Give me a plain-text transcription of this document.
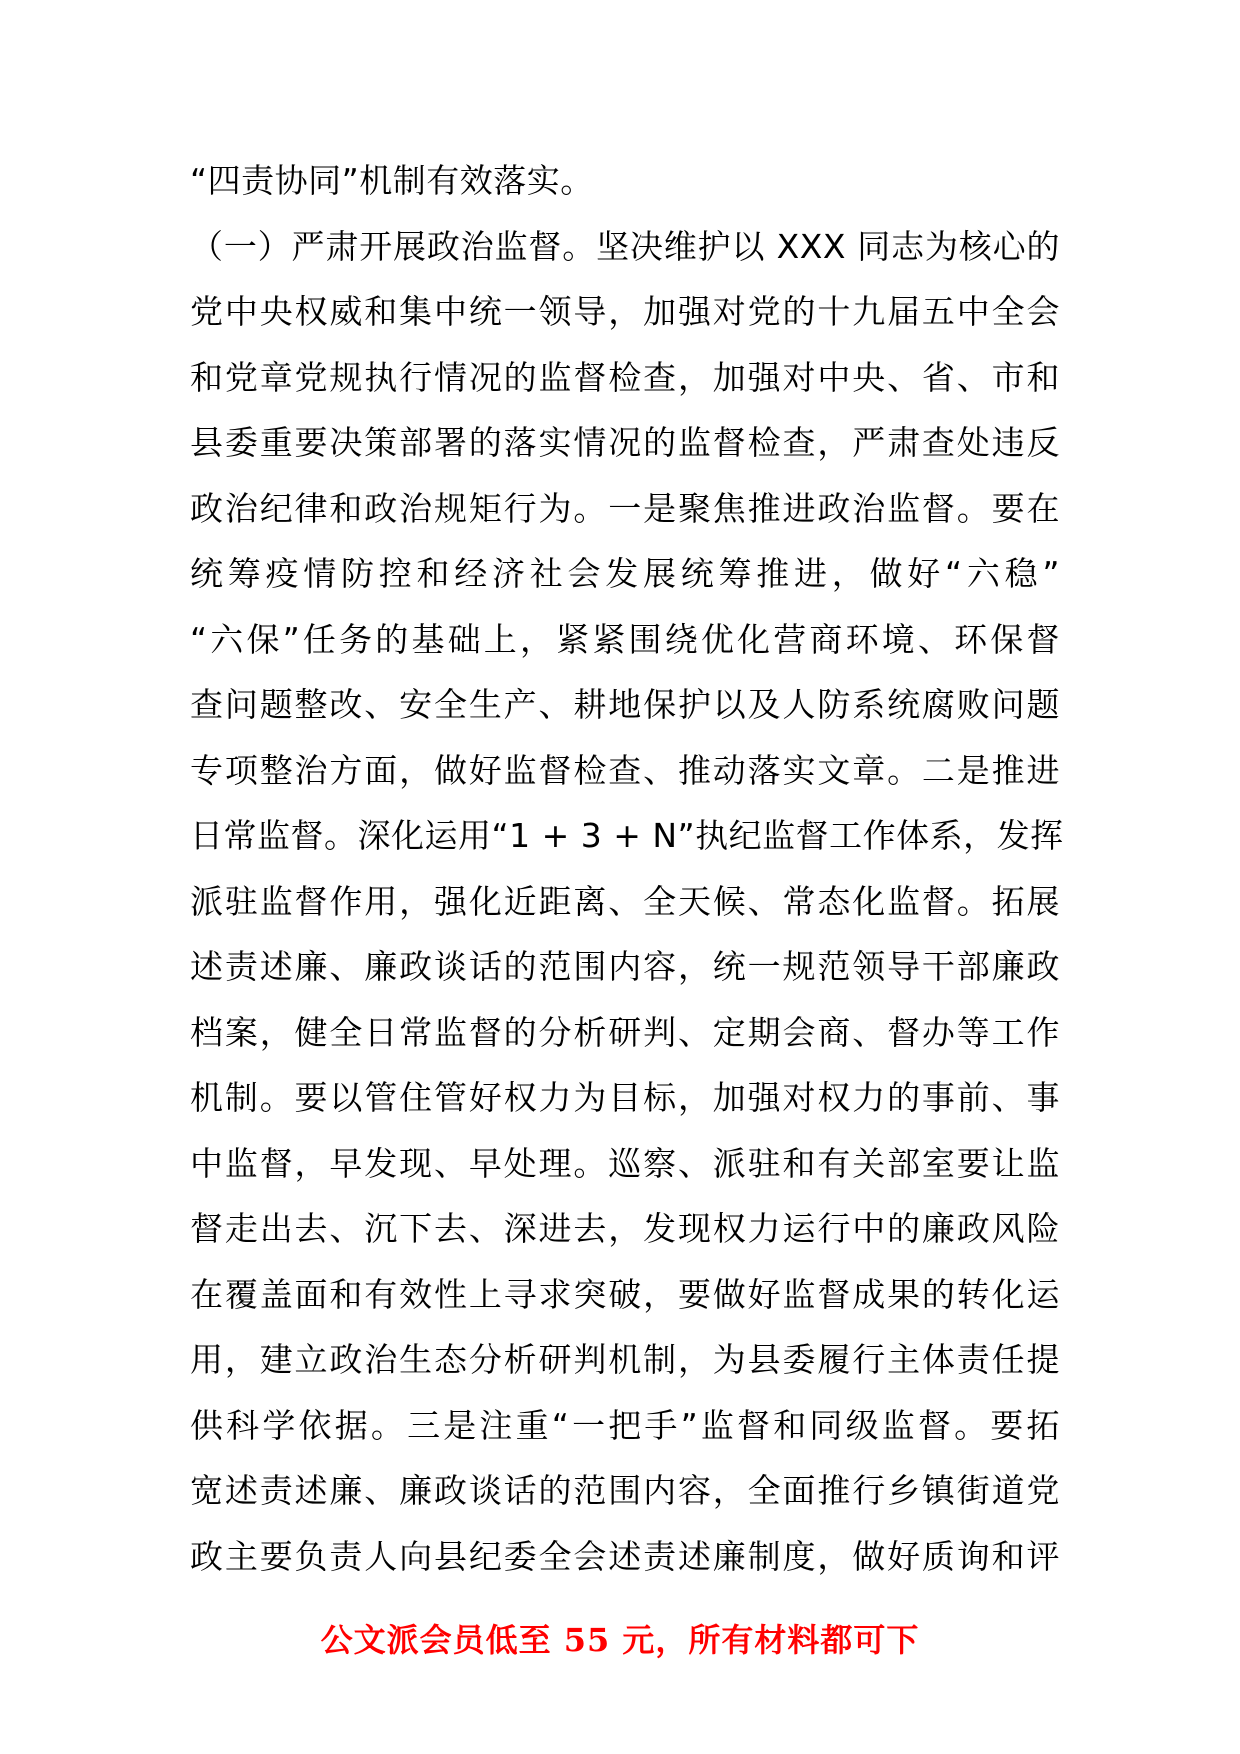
“四责协同”机制有效落实。
（一）严肃开展政治监督。坚决维护以 XXX 同志为核心的
党中央权威和集中统一领导，加强对党的十九届五中全会
和党章党规执行情况的监督检查，加强对中央、省、市和
县委重要决策部署的落实情况的监督检查，严肃查处违反
政治纪律和政治规矩行为。一是聚焦推进政治监督。要在
统筹疫情防控和经济社会发展统筹推进，做好“六稳”
“六保”任务的基础上，紧紧围绕优化营商环境、环保督
查问题整改、安全生产、耕地保护以及人防系统腐败问题
专项整治方面，做好监督检查、推动落实文章。二是推进
日常监督。深化运用“1 + 3 + N”执纪监督工作体系，发挥
派驻监督作用，强化近距离、全天候、常态化监督。拓展
述责述廉、廉政谈话的范围内容，统一规范领导干部廉政
档案，健全日常监督的分析研判、定期会商、督办等工作
机制。要以管住管好权力为目标，加强对权力的事前、事
中监督，早发现、早处理。巡察、派驻和有关部室要让监
督走出去、沉下去、深进去，发现权力运行中的廉政风险
在覆盖面和有效性上寻求突破，要做好监督成果的转化运
用，建立政治生态分析研判机制，为县委履行主体责任提
供科学依据。三是注重“一把手”监督和同级监督。要拓
宽述责述廉、廉政谈话的范围内容，全面推行乡镇街道党
政主要负责人向县纪委全会述责述廉制度，做好质询和评
公文派会员低至 55 元，所有材料都可下
